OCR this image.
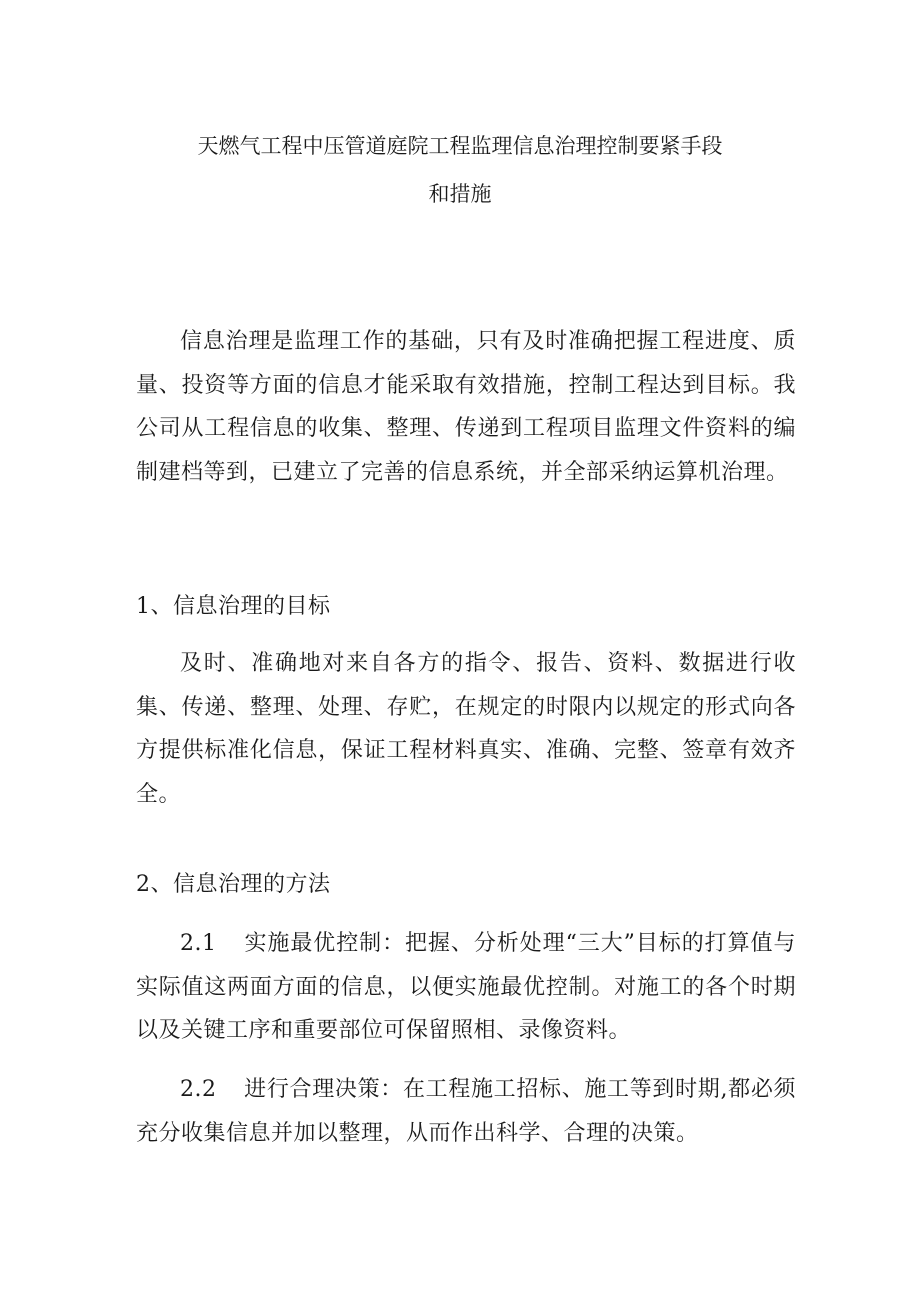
天燃气工程中压管道庭院工程监理信息治理控制要紧手段
和措施

信息治理是监理工作的基础，只有及时准确把握工程进度、质量、投资等方面的信息才能采取有效措施，控制工程达到目标。我公司从工程信息的收集、整理、传递到工程项目监理文件资料的编制建档等到，已建立了完善的信息系统，并全部采纳运算机治理。

1、信息治理的目标

及时、准确地对来自各方的指令、报告、资料、数据进行收集、传递、整理、处理、存贮，在规定的时限内以规定的形式向各方提供标准化信息，保证工程材料真实、准确、完整、签章有效齐全。

2、信息治理的方法

2.1 实施最优控制：把握、分析处理“三大”目标的打算值与实际值这两面方面的信息，以便实施最优控制。对施工的各个时期以及关键工序和重要部位可保留照相、录像资料。

2.2 进行合理决策：在工程施工招标、施工等到时期,都必须充分收集信息并加以整理，从而作出科学、合理的决策。
